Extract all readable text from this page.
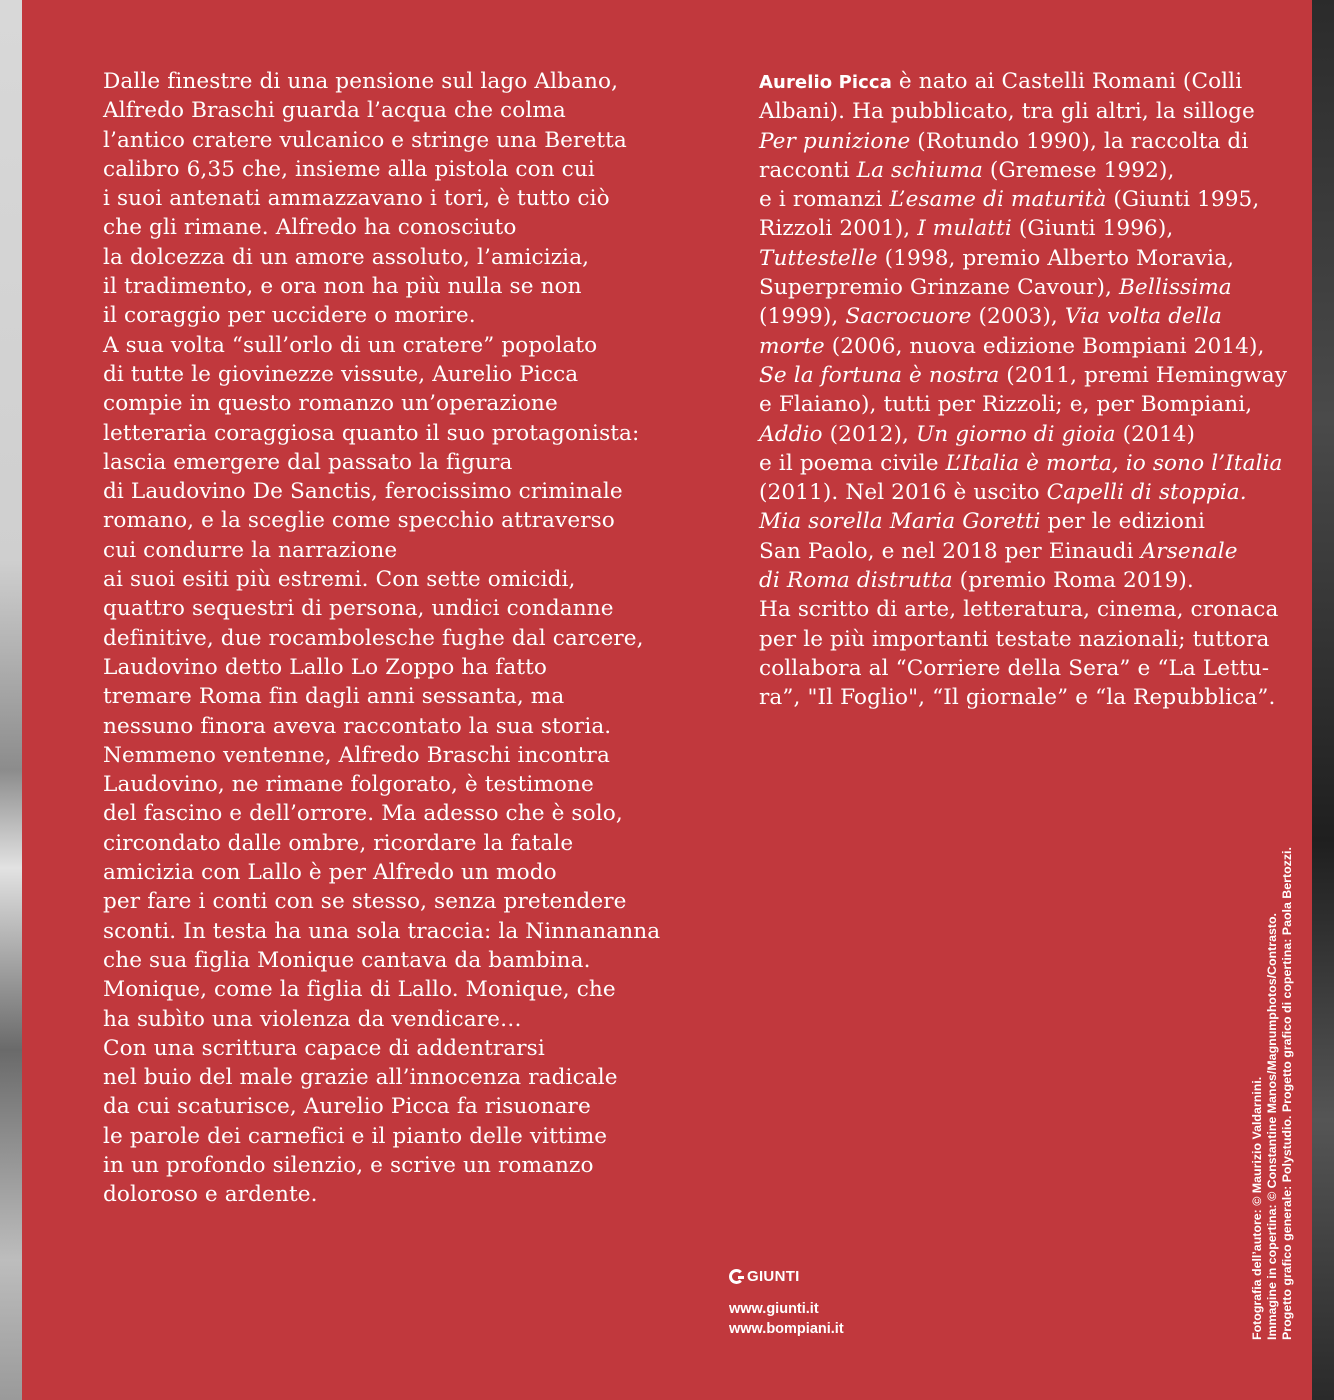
Dalle finestre di una pensione sul lago Albano,
Alfredo Braschi guarda l’acqua che colma
l’antico cratere vulcanico e stringe una Beretta
calibro 6,35 che, insieme alla pistola con cui
i suoi antenati ammazzavano i tori, è tutto ciò
che gli rimane. Alfredo ha conosciuto
la dolcezza di un amore assoluto, l’amicizia,
il tradimento, e ora non ha più nulla se non
il coraggio per uccidere o morire.
A sua volta “sull’orlo di un cratere” popolato
di tutte le giovinezze vissute, Aurelio Picca
compie in questo romanzo un’operazione
letteraria coraggiosa quanto il suo protagonista:
lascia emergere dal passato la figura
di Laudovino De Sanctis, ferocissimo criminale
romano, e la sceglie come specchio attraverso
cui condurre la narrazione
ai suoi esiti più estremi. Con sette omicidi,
quattro sequestri di persona, undici condanne
definitive, due rocambolesche fughe dal carcere,
Laudovino detto Lallo Lo Zoppo ha fatto
tremare Roma fin dagli anni sessanta, ma
nessuno finora aveva raccontato la sua storia.
Nemmeno ventenne, Alfredo Braschi incontra
Laudovino, ne rimane folgorato, è testimone
del fascino e dell’orrore. Ma adesso che è solo,
circondato dalle ombre, ricordare la fatale
amicizia con Lallo è per Alfredo un modo
per fare i conti con se stesso, senza pretendere
sconti. In testa ha una sola traccia: la Ninnananna
che sua figlia Monique cantava da bambina.
Monique, come la figlia di Lallo. Monique, che
ha subìto una violenza da vendicare…
Con una scrittura capace di addentrarsi
nel buio del male grazie all’innocenza radicale
da cui scaturisce, Aurelio Picca fa risuonare
le parole dei carnefici e il pianto delle vittime
in un profondo silenzio, e scrive un romanzo
doloroso e ardente.
Aurelio Picca è nato ai Castelli Romani (Colli
Albani). Ha pubblicato, tra gli altri, la silloge
Per punizione (Rotundo 1990), la raccolta di
racconti La schiuma (Gremese 1992),
e i romanzi L’esame di maturità (Giunti 1995,
Rizzoli 2001), I mulatti (Giunti 1996),
Tuttestelle (1998, premio Alberto Moravia,
Superpremio Grinzane Cavour), Bellissima
(1999), Sacrocuore (2003), Via volta della
morte (2006, nuova edizione Bompiani 2014),
Se la fortuna è nostra (2011, premi Hemingway
e Flaiano), tutti per Rizzoli; e, per Bompiani,
Addio (2012), Un giorno di gioia (2014)
e il poema civile L’Italia è morta, io sono l’Italia
(2011). Nel 2016 è uscito Capelli di stoppia.
Mia sorella Maria Goretti per le edizioni
San Paolo, e nel 2018 per Einaudi Arsenale
di Roma distrutta (premio Roma 2019).
Ha scritto di arte, letteratura, cinema, cronaca
per le più importanti testate nazionali; tuttora
collabora al “Corriere della Sera” e “La Lettu-
ra”, "Il Foglio", “Il giornale” e “la Repubblica”.
GIUNTI
www.giunti.it
www.bompiani.it	Fotografia dell’autore: © Maurizio Valdarnini. Immagine in copertina: © Constantine Manos/Magnumphotos/Contrasto. Progetto grafico generale: Polystudio. Progetto grafico di copertina: Paola Bertozzi.
